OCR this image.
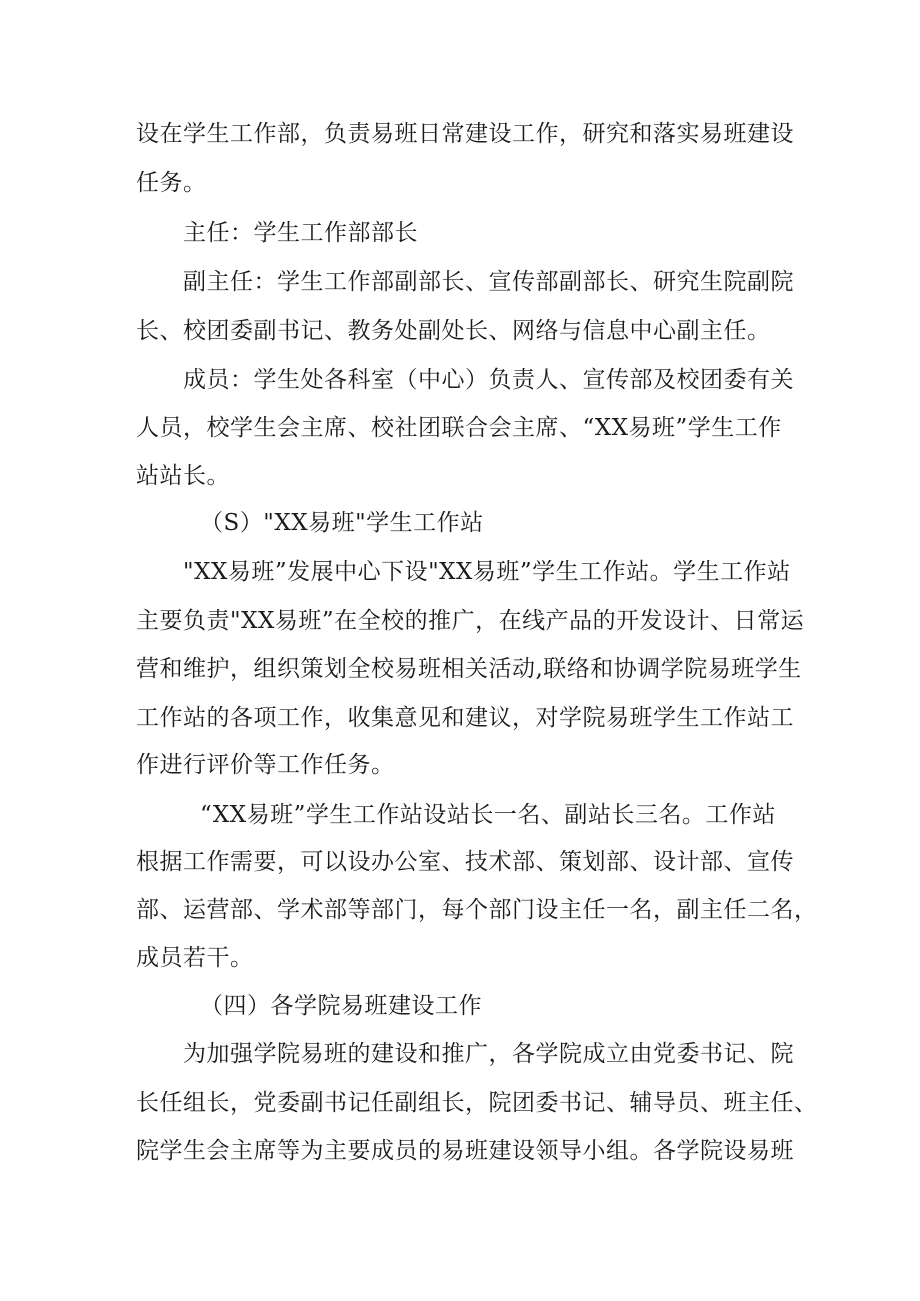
设在学生工作部，负责易班日常建设工作，研究和落实易班建设
任务。
主任：学生工作部部长
副主任：学生工作部副部长、宣传部副部长、研究生院副院
长、校团委副书记、教务处副处长、网络与信息中心副主任。
成员：学生处各科室（中心）负责人、宣传部及校团委有关
人员，校学生会主席、校社团联合会主席、“XX易班”学生工作
站站长。
（S）"XX易班"学生工作站
"XX易班”发展中心下设"XX易班”学生工作站。学生工作站
主要负责"XX易班”在全校的推广，在线产品的开发设计、日常运
营和维护，组织策划全校易班相关活动,联络和协调学院易班学生
工作站的各项工作，收集意见和建议，对学院易班学生工作站工
作进行评价等工作任务。
“XX易班”学生工作站设站长一名、副站长三名。工作站
根据工作需要，可以设办公室、技术部、策划部、设计部、宣传
部、运营部、学术部等部门，每个部门设主任一名，副主任二名，
成员若干。
（四）各学院易班建设工作
为加强学院易班的建设和推广，各学院成立由党委书记、院
长任组长，党委副书记任副组长，院团委书记、辅导员、班主任、
院学生会主席等为主要成员的易班建设领导小组。各学院设易班
